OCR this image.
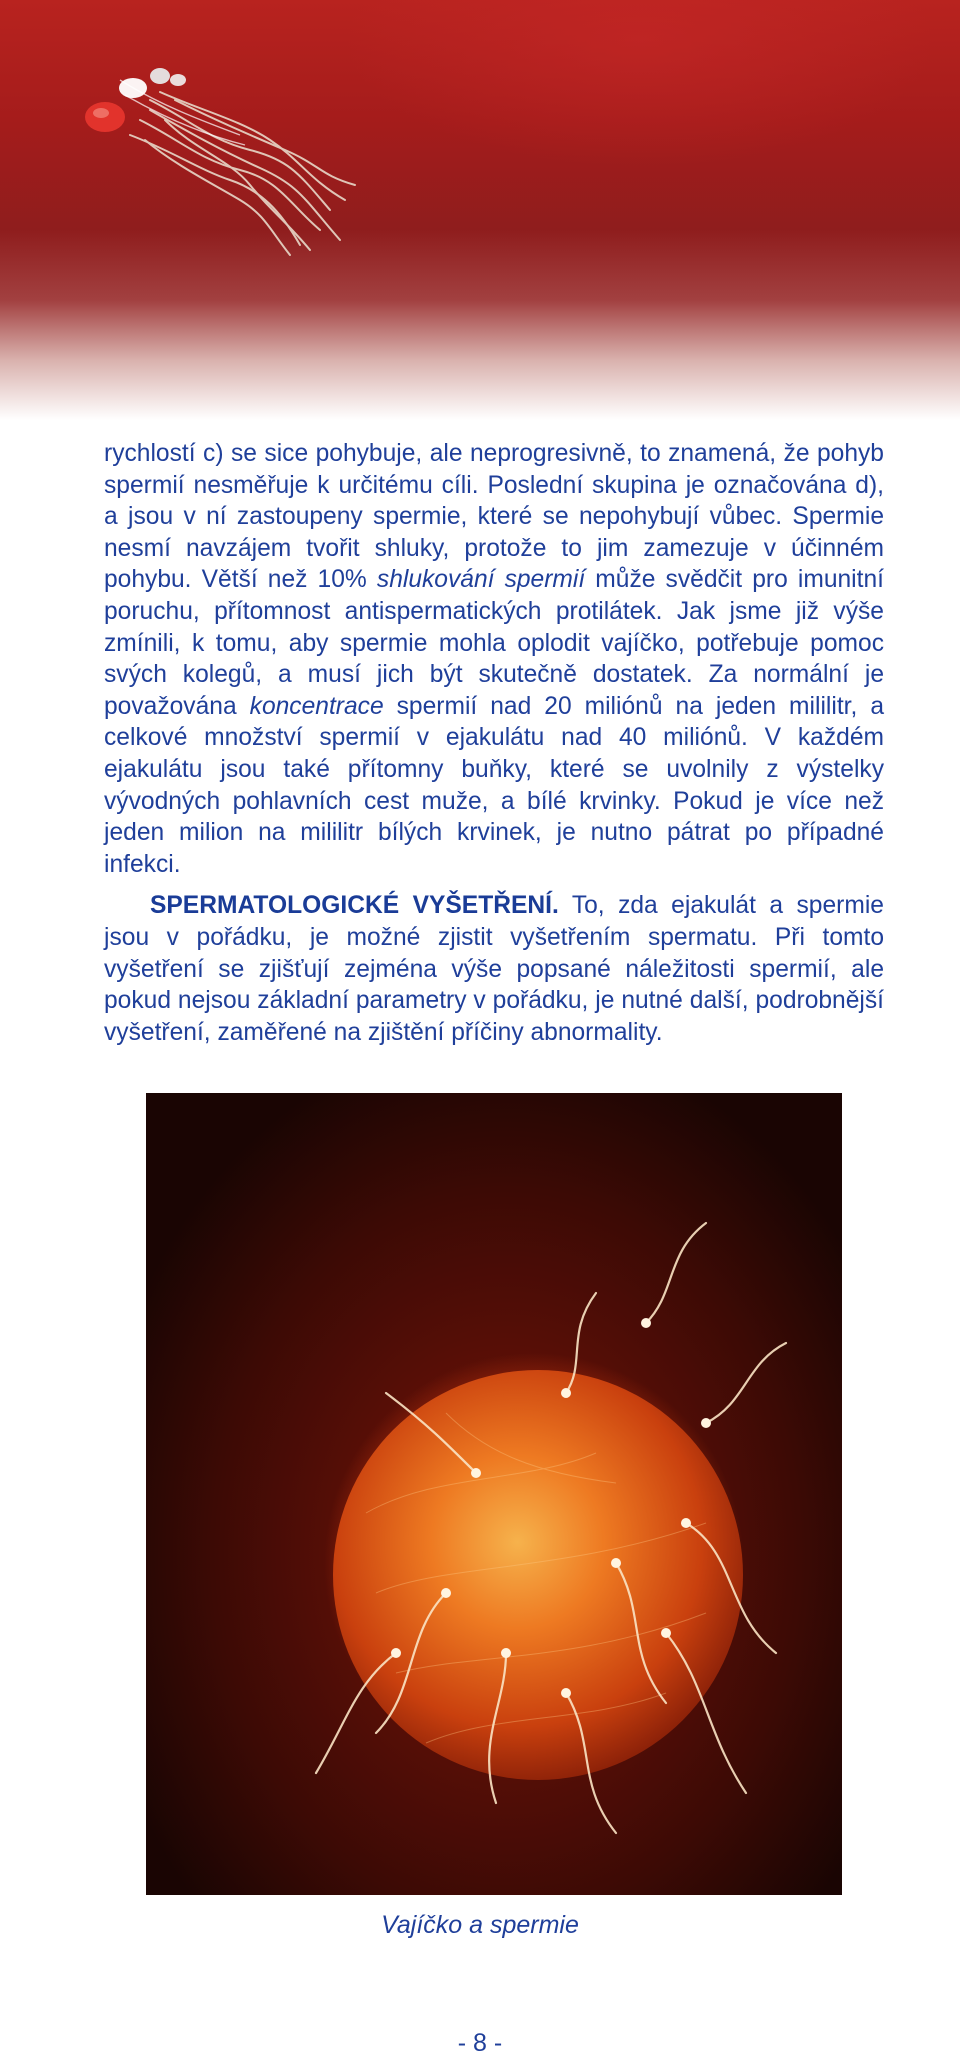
rychlostí c) se sice pohybuje, ale neprogresivně, to znamená, že pohyb spermií nesměřuje k určitému cíli. Poslední skupina je označována d), a jsou v ní zastoupeny spermie, které se nepohybují vůbec. Spermie nesmí navzájem tvořit shluky, protože to jim zamezuje v účinném pohybu. Větší než 10% shlukování spermií může svědčit pro imunitní poruchu, přítomnost antispermatických protilátek. Jak jsme již výše zmínili, k tomu, aby spermie mohla oplodit vajíčko, potřebuje pomoc svých kolegů, a musí jich být skutečně dostatek. Za normální je považována koncentrace spermií nad 20 miliónů na jeden mililitr, a celkové množství spermií v ejakulátu nad 40 miliónů. V každém ejakulátu jsou také přítomny buňky, které se uvolnily z výstelky vývodných pohlavních cest muže, a bílé krvinky. Pokud je více než jeden milion na mililitr bílých krvinek, je nutno pátrat po případné infekci.

SPERMATOLOGICKÉ VYŠETŘENÍ. To, zda ejakulát a spermie jsou v pořádku, je možné zjistit vyšetřením spermatu. Při tomto vyšetření se zjišťují zejména výše popsané náležitosti spermií, ale pokud nejsou základní parametry v pořádku, je nutné další, podrobnější vyšetření, zaměřené na zjištění příčiny abnormality.

Vajíčko a spermie
- 8 -
